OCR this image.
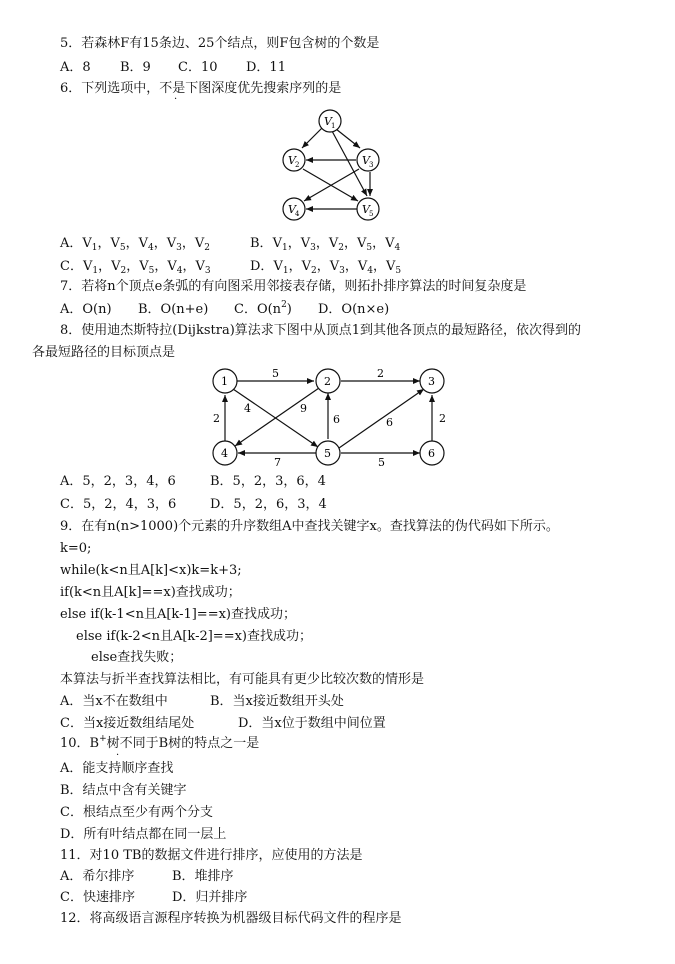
5．若森林F有15条边、25个结点，则F包含树的个数是
A．8 B．9 C．10 D．11
6．下列选项中，不是下图深度优先搜索序列的是
·
V 1
V 2	V 3
V 4	V 5
A．$V_1$，$V_5$，$V_4$，$V_3$，$V_2$	B．$V_1$，$V_3$，$V_2$，$V_5$，$V_4$
C．$V_1$，$V_2$，$V_5$，$V_4$，$V_3$	D．$V_1$，$V_2$，$V_3$，$V_4$，$V_5$
7．若将n个顶点e条弧的有向图采用邻接表存储，则拓扑排序算法的时间复杂度是
A．O(n) B．O(n+e) C．$O(n^2)$ D．O(n×e)
8．使用迪杰斯特拉(Dijkstra)算法求下图中从顶点1到其他各顶点的最短路径，依次得到的
各最短路径的目标顶点是
5	2
4
6	6
7	5
2
9
2
1	2	3
4	5	6
A．5，2，3，4，6	B．5，2，3，6，4
C．5，2，4，3，6	D．5，2，6，3，4
9．在有n(n>1000)个元素的升序数组A中查找关键字x。查找算法的伪代码如下所示。
k=0;
while(k<n且A[k]<x)k=k+3;
if(k<n且A[k]==x)查找成功；
else if(k-1<n且A[k-1]==x)查找成功；
else if(k-2<n且A[k-2]==x)查找成功；
else查找失败；
本算法与折半查找算法相比，有可能具有更少比较次数的情形是
A．当x不在数组中	B．当x接近数组开头处
C．当x接近数组结尾处	D．当x位于数组中间位置
10．B+树不同于B树的特点之一是
·
A．能支持顺序查找
B．结点中含有关键字
C．根结点至少有两个分支
D．所有叶结点都在同一层上
11．对10 TB的数据文件进行排序，应使用的方法是
A．希尔排序	B．堆排序
C．快速排序	D．归并排序
12．将高级语言源程序转换为机器级目标代码文件的程序是
